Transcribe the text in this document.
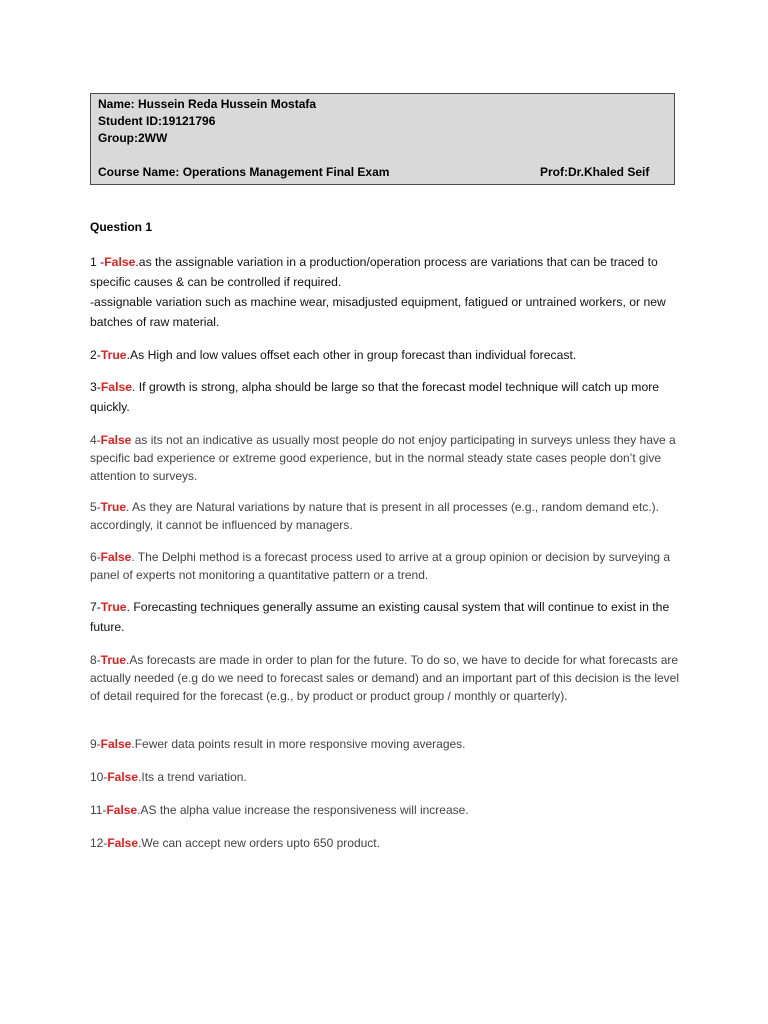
Name: Hussein Reda Hussein Mostafa
Student ID:19121796
Group:2WW
Course Name: Operations Management Final Exam	Prof:Dr.Khaled Seif
Question 1
1 -False.as the assignable variation in a production/operation process are variations that can be traced to specific causes & can be controlled if required.
-assignable variation such as machine wear, misadjusted equipment, fatigued or untrained workers, or new batches of raw material.
2-True.As High and low values offset each other in group forecast than individual forecast.
3-False. If growth is strong, alpha should be large so that the forecast model technique will catch up more quickly.
4-False as its not an indicative as usually most people do not enjoy participating in surveys unless they have a specific bad experience or extreme good experience, but in the normal steady state cases people don’t give attention to surveys.
5-True. As they are Natural variations by nature that is present in all processes (e.g., random demand etc.). accordingly, it cannot be influenced by managers.
6-False. The Delphi method is a forecast process used to arrive at a group opinion or decision by surveying a panel of experts not monitoring a quantitative pattern or a trend.
7-True. Forecasting techniques generally assume an existing causal system that will continue to exist in the future.
8-True.As forecasts are made in order to plan for the future. To do so, we have to decide for what forecasts are actually needed (e.g do we need to forecast sales or demand) and an important part of this decision is the level of detail required for the forecast (e.g., by product or product group / monthly or quarterly).
9-False.Fewer data points result in more responsive moving averages.
10-False.Its a trend variation.
11-False.AS the alpha value increase the responsiveness will increase.
12-False.We can accept new orders upto 650 product.
